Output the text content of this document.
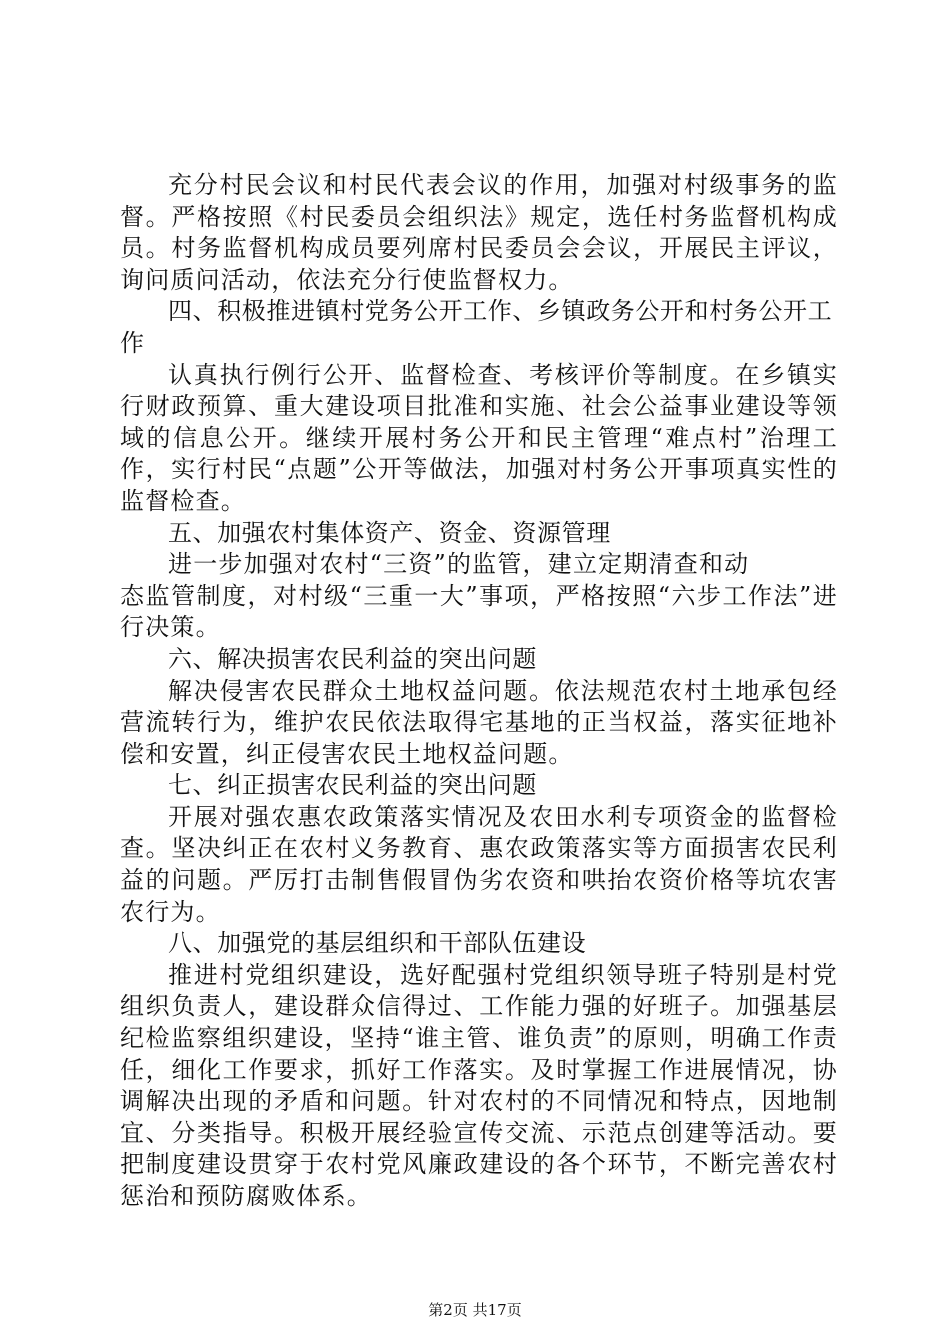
充分村民会议和村民代表会议的作用，加强对村级事务的监督。严格按照《村民委员会组织法》规定，选任村务监督机构成员。村务监督机构成员要列席村民委员会会议，开展民主评议，询问质问活动，依法充分行使监督权力。

四、积极推进镇村党务公开工作、乡镇政务公开和村务公开工作

认真执行例行公开、监督检查、考核评价等制度。在乡镇实行财政预算、重大建设项目批准和实施、社会公益事业建设等领域的信息公开。继续开展村务公开和民主管理“难点村”治理工作，实行村民“点题”公开等做法，加强对村务公开事项真实性的监督检查。

五、加强农村集体资产、资金、资源管理

进一步加强对农村“三资”的监管，建立定期清查和动

态监管制度，对村级“三重一大”事项，严格按照“六步工作法”进行决策。

六、解决损害农民利益的突出问题

解决侵害农民群众土地权益问题。依法规范农村土地承包经营流转行为，维护农民依法取得宅基地的正当权益，落实征地补偿和安置，纠正侵害农民土地权益问题。

七、纠正损害农民利益的突出问题

开展对强农惠农政策落实情况及农田水利专项资金的监督检查。坚决纠正在农村义务教育、惠农政策落实等方面损害农民利益的问题。严厉打击制售假冒伪劣农资和哄抬农资价格等坑农害农行为。

八、加强党的基层组织和干部队伍建设

推进村党组织建设，选好配强村党组织领导班子特别是村党组织负责人，建设群众信得过、工作能力强的好班子。加强基层纪检监察组织建设，坚持“谁主管、谁负责”的原则，明确工作责任，细化工作要求，抓好工作落实。及时掌握工作进展情况，协调解决出现的矛盾和问题。针对农村的不同情况和特点，因地制宜、分类指导。积极开展经验宣传交流、示范点创建等活动。要把制度建设贯穿于农村党风廉政建设的各个环节，不断完善农村惩治和预防腐败体系。

第2页 共17页
